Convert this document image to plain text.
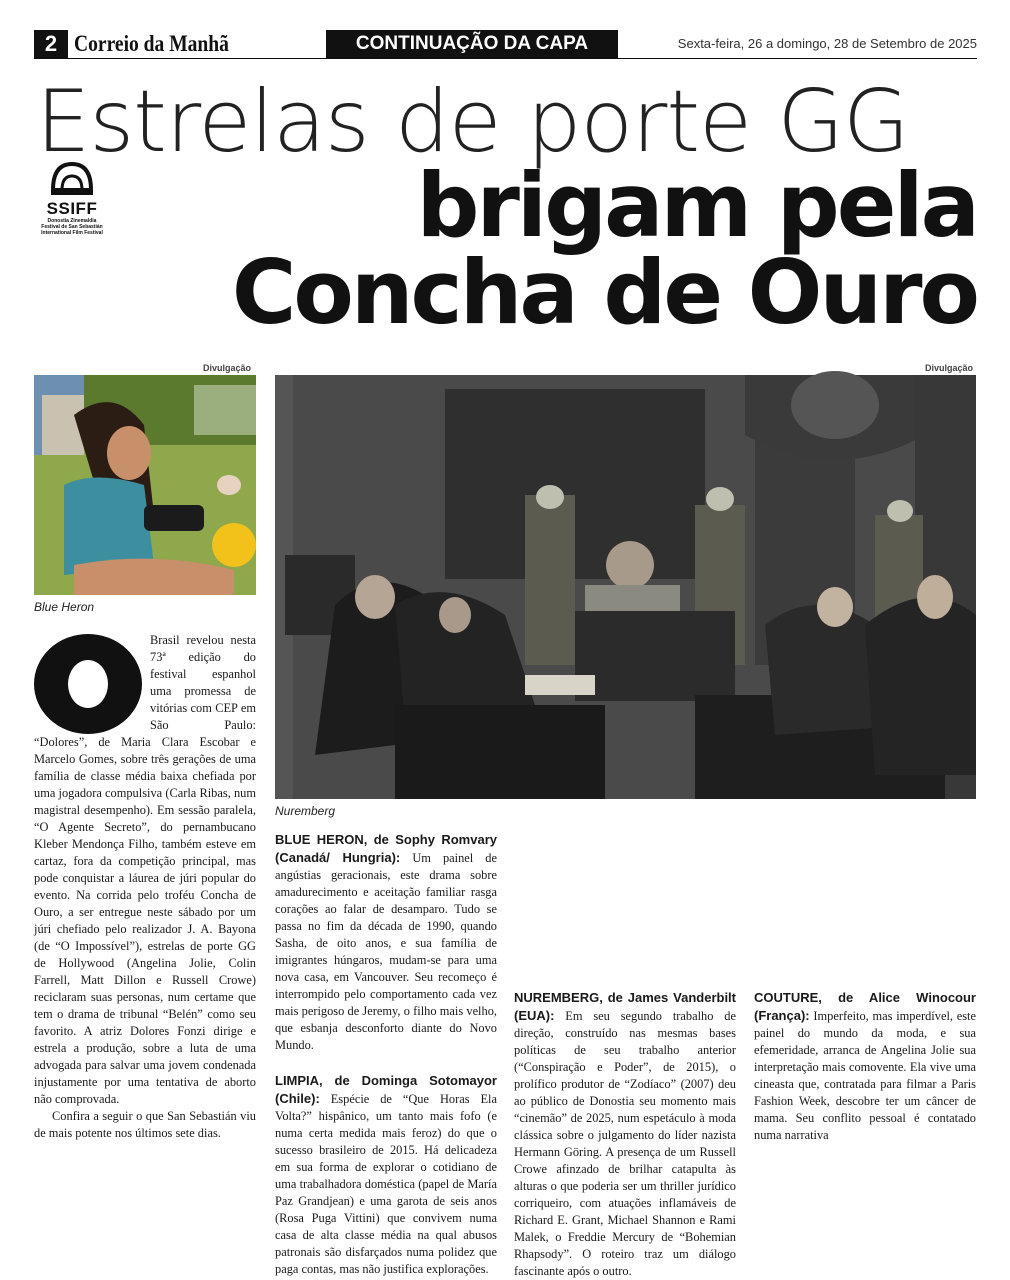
2 Correio da Manhã	CONTINUAÇÃO DA CAPA	Sexta-feira, 26 a domingo, 28 de Setembro de 2025
Estrelas de porte GG
brigam pela
Concha de Ouro
SSIFF
Donostia Zinemaldia
Festival de San Sebastián
International Film Festival
Divulgação
Blue Heron
Divulgação
Nuremberg

Brasil revelou nesta 73ª edição do festival espanhol uma promessa de vitórias com CEP em São Paulo: “Dolores”, de Maria Clara Escobar e Marcelo Gomes, sobre três gerações de uma família de classe média baixa chefiada por uma jogadora compulsiva (Carla Ribas, num magistral desempenho). Em sessão paralela, “O Agente Secreto”, do pernambucano Kleber Mendonça Filho, também esteve em cartaz, fora da competição principal, mas pode conquistar a láurea de júri popular do evento. Na corrida pelo troféu Concha de Ouro, a ser entregue neste sábado por um júri chefiado pelo realizador J. A. Bayona (de “O Impossível”), estrelas de porte GG de Hollywood (Angelina Jolie, Colin Farrell, Matt Dillon e Russell Crowe) reciclaram suas personas, num certame que tem o drama de tribunal “Belén” como seu favorito. A atriz Dolores Fonzi dirige e estrela a produção, sobre a luta de uma advogada para salvar uma jovem condenada injustamente por uma tentativa de aborto não comprovada.

Confira a seguir o que San Sebastián viu de mais potente nos últimos sete dias.

BLUE HERON, de Sophy Romvary (Canadá/ Hungria): Um painel de angústias geracionais, este drama sobre amadurecimento e aceitação familiar rasga corações ao falar de desamparo. Tudo se passa no fim da década de 1990, quando Sasha, de oito anos, e sua família de imigrantes húngaros, mudam-se para uma nova casa, em Vancouver. Seu recomeço é interrompido pelo comportamento cada vez mais perigoso de Jeremy, o filho mais velho, que esbanja desconforto diante do Novo Mundo.

LIMPIA, de Dominga Sotomayor (Chile): Espécie de “Que Horas Ela Volta?” hispânico, um tanto mais fofo (e numa certa medida mais feroz) do que o sucesso brasileiro de 2015. Há delicadeza em sua forma de explorar o cotidiano de uma trabalhadora doméstica (papel de María Paz Grandjean) e uma garota de seis anos (Rosa Puga Vittini) que convivem numa casa de alta classe média na qual abusos patronais são disfarçados numa polidez que paga contas, mas não justifica explorações.

NUREMBERG, de James Vanderbilt (EUA): Em seu segundo trabalho de direção, construído nas mesmas bases políticas de seu trabalho anterior (“Conspiração e Poder”, de 2015), o prolífico produtor de “Zodíaco” (2007) deu ao público de Donostia seu momento mais “cinemão” de 2025, num espetáculo à moda clássica sobre o julgamento do líder nazista Hermann Göring. A presença de um Russell Crowe afinzado de brilhar catapulta às alturas o que poderia ser um thriller jurídico corriqueiro, com atuações inflamáveis de Richard E. Grant, Michael Shannon e Rami Malek, o Freddie Mercury de “Bohemian Rhapsody”. O roteiro traz um diálogo fascinante após o outro.

COUTURE, de Alice Winocour (França): Imperfeito, mas imperdível, este painel do mundo da moda, e sua efemeridade, arranca de Angelina Jolie sua interpretação mais comovente. Ela vive uma cineasta que, contratada para filmar a Paris Fashion Week, descobre ter um câncer de mama. Seu conflito pessoal é contatado numa narrativa
